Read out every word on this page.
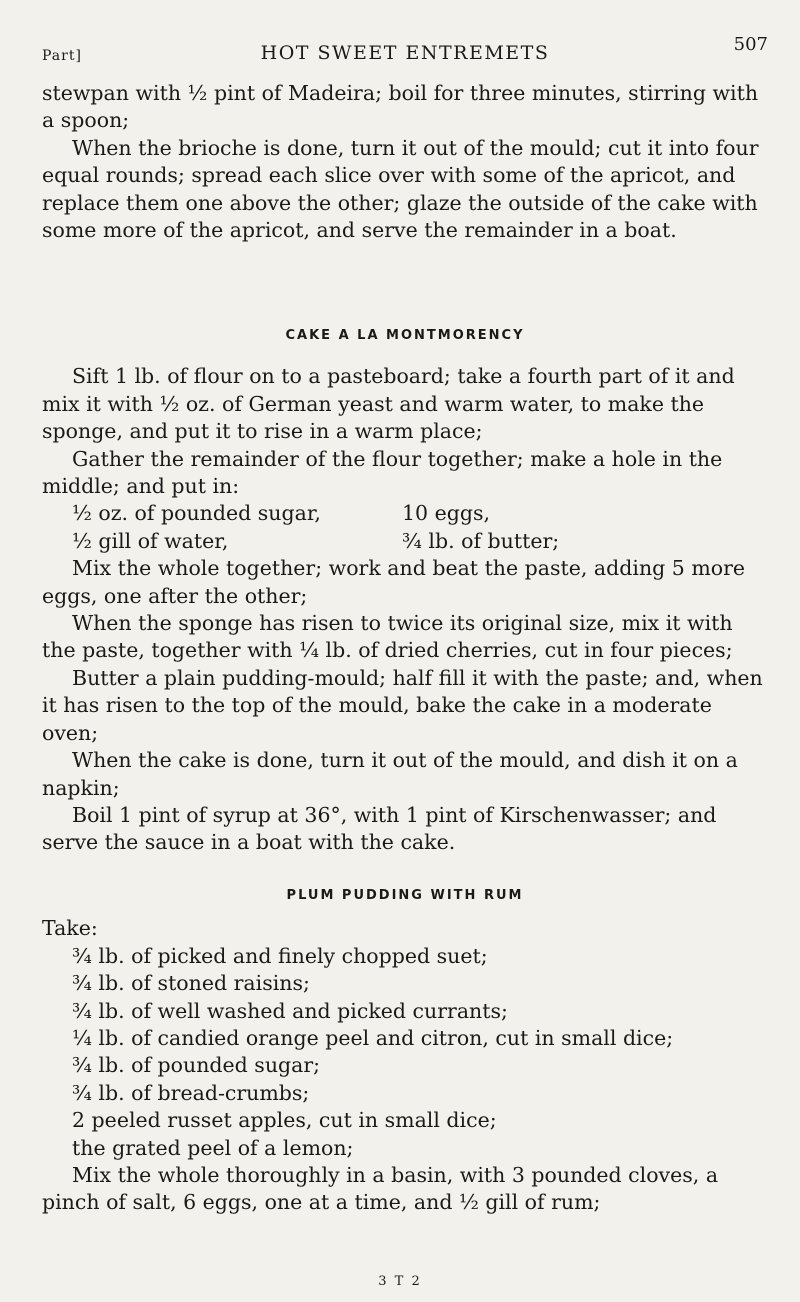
Part]	HOT SWEET ENTREMETS	507

stewpan with ½ pint of Madeira; boil for three minutes, stirring with a spoon;

When the brioche is done, turn it out of the mould; cut it into four equal rounds; spread each slice over with some of the apricot, and replace them one above the other; glaze the outside of the cake with some more of the apricot, and serve the remainder in a boat.

CAKE A LA MONTMORENCY

Sift 1 lb. of flour on to a pasteboard; take a fourth part of it and mix it with ½ oz. of German yeast and warm water, to make the sponge, and put it to rise in a warm place;

Gather the remainder of the flour together; make a hole in the middle; and put in:

½ oz. of pounded sugar,
½ gill of water,
10 eggs,
¾ lb. of butter;

Mix the whole together; work and beat the paste, adding 5 more eggs, one after the other;

When the sponge has risen to twice its original size, mix it with the paste, together with ¼ lb. of dried cherries, cut in four pieces;

Butter a plain pudding-mould; half fill it with the paste; and, when it has risen to the top of the mould, bake the cake in a moderate oven;

When the cake is done, turn it out of the mould, and dish it on a napkin;

Boil 1 pint of syrup at 36°, with 1 pint of Kirschenwasser; and serve the sauce in a boat with the cake.

PLUM PUDDING WITH RUM

Take:

¾ lb. of picked and finely chopped suet;
¾ lb. of stoned raisins;
¾ lb. of well washed and picked currants;
¼ lb. of candied orange peel and citron, cut in small dice;
¾ lb. of pounded sugar;
¾ lb. of bread-crumbs;
2 peeled russet apples, cut in small dice;
the grated peel of a lemon;

Mix the whole thoroughly in a basin, with 3 pounded cloves, a pinch of salt, 6 eggs, one at a time, and ½ gill of rum;

3 T 2
